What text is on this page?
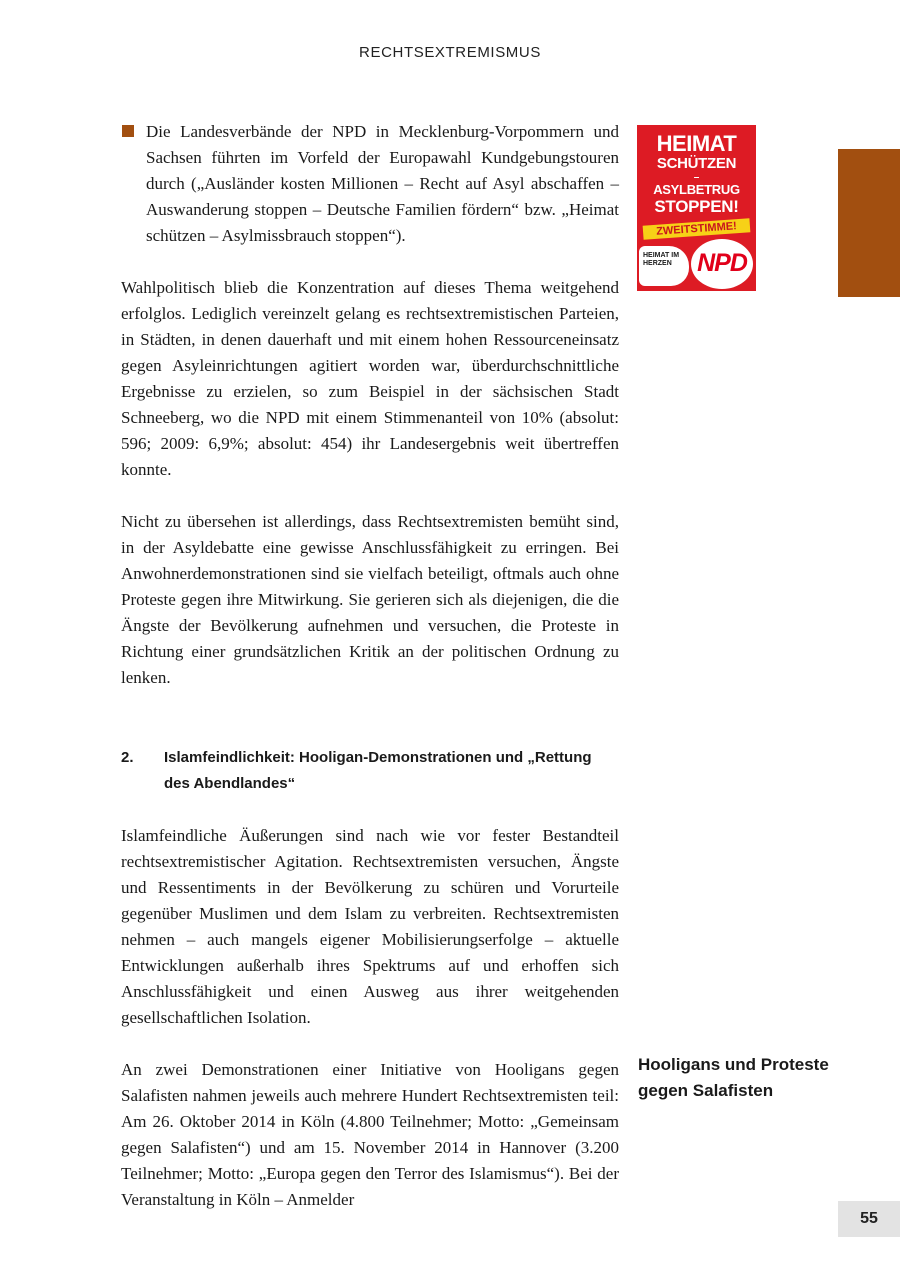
RECHTSEXTREMISMUS
HEIMAT
SCHÜTZEN
–
ASYLBETRUG
STOPPEN!
ZWEITSTIMME!
HEIMAT IM HERZEN	NPD

Die Landesverbände der NPD in Mecklenburg-Vorpommern und Sachsen führten im Vorfeld der Europawahl Kundgebungstouren durch („Ausländer kosten Millionen – Recht auf Asyl abschaffen – Auswanderung stoppen – Deutsche Familien fördern“ bzw. „Heimat schützen – Asylmissbrauch stoppen“).

Wahlpolitisch blieb die Konzentration auf dieses Thema weitgehend erfolglos. Lediglich vereinzelt gelang es rechtsextremistischen Parteien, in Städten, in denen dauerhaft und mit einem hohen Ressourceneinsatz gegen Asyleinrichtungen agitiert worden war, überdurchschnittliche Ergebnisse zu erzielen, so zum Beispiel in der sächsischen Stadt Schneeberg, wo die NPD mit einem Stimmenanteil von 10% (absolut: 596; 2009: 6,9%; absolut: 454) ihr Landesergebnis weit übertreffen konnte.

Nicht zu übersehen ist allerdings, dass Rechtsextremisten bemüht sind, in der Asyldebatte eine gewisse Anschlussfähigkeit zu erringen. Bei Anwohnerdemonstrationen sind sie vielfach beteiligt, oftmals auch ohne Proteste gegen ihre Mitwirkung. Sie gerieren sich als diejenigen, die die Ängste der Bevölkerung aufnehmen und versuchen, die Proteste in Richtung einer grundsätzlichen Kritik an der politischen Ordnung zu lenken.

2. Islamfeindlichkeit: Hooligan-Demonstrationen und „Rettung des Abendlandes“

Islamfeindliche Äußerungen sind nach wie vor fester Bestandteil rechtsextremistischer Agitation. Rechtsextremisten versuchen, Ängste und Ressentiments in der Bevölkerung zu schüren und Vorurteile gegenüber Muslimen und dem Islam zu verbreiten. Rechtsextremisten nehmen – auch mangels eigener Mobilisierungserfolge – aktuelle Entwicklungen außerhalb ihres Spektrums auf und erhoffen sich Anschlussfähigkeit und einen Ausweg aus ihrer weitgehenden gesellschaftlichen Isolation.

An zwei Demonstrationen einer Initiative von Hooligans gegen Salafisten nahmen jeweils auch mehrere Hundert Rechtsextremisten teil: Am 26. Oktober 2014 in Köln (4.800 Teilnehmer; Motto: „Gemeinsam gegen Salafisten“) und am 15. November 2014 in Hannover (3.200 Teilnehmer; Motto: „Europa gegen den Terror des Islamismus“). Bei der Veranstaltung in Köln – Anmelder

Hooligans und Proteste gegen Salafisten
55
